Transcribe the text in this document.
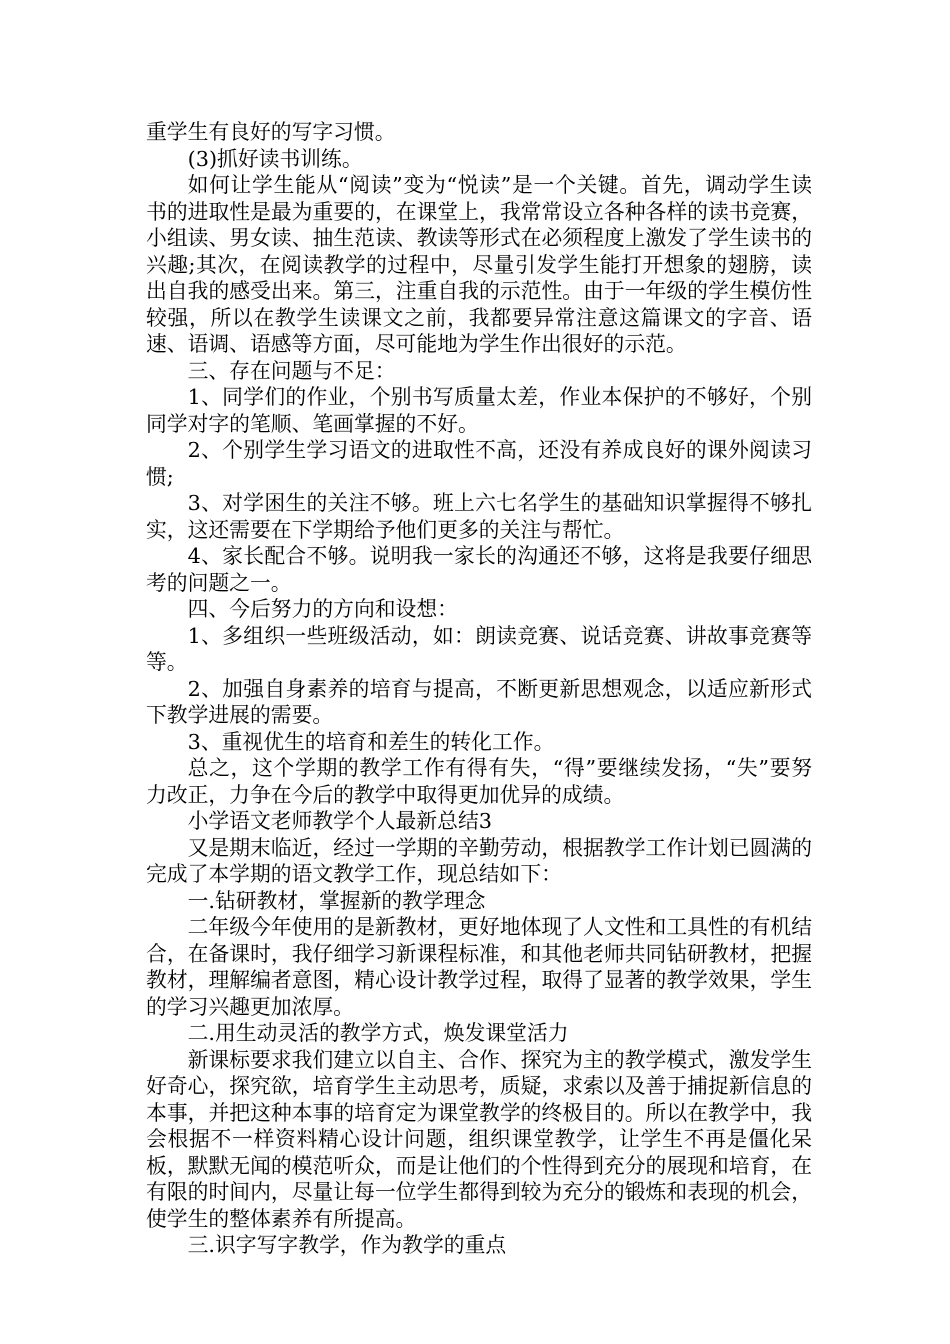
重学生有良好的写字习惯。

(3)抓好读书训练。

如何让学生能从“阅读”变为“悦读”是一个关键。首先，调动学生读书的进取性是最为重要的，在课堂上，我常常设立各种各样的读书竞赛，小组读、男女读、抽生范读、教读等形式在必须程度上激发了学生读书的兴趣;其次，在阅读教学的过程中，尽量引发学生能打开想象的翅膀，读出自我的感受出来。第三，注重自我的示范性。由于一年级的学生模仿性较强，所以在教学生读课文之前，我都要异常注意这篇课文的字音、语速、语调、语感等方面，尽可能地为学生作出很好的示范。

三、存在问题与不足：

1、同学们的作业，个别书写质量太差，作业本保护的不够好，个别同学对字的笔顺、笔画掌握的不好。

2、个别学生学习语文的进取性不高，还没有养成良好的课外阅读习惯;

3、对学困生的关注不够。班上六七名学生的基础知识掌握得不够扎实，这还需要在下学期给予他们更多的关注与帮忙。

4、家长配合不够。说明我一家长的沟通还不够，这将是我要仔细思考的问题之一。

四、今后努力的方向和设想：

1、多组织一些班级活动，如：朗读竞赛、说话竞赛、讲故事竞赛等等。

2、加强自身素养的培育与提高，不断更新思想观念，以适应新形式下教学进展的需要。

3、重视优生的培育和差生的转化工作。

总之，这个学期的教学工作有得有失，“得”要继续发扬，“失”要努力改正，力争在今后的教学中取得更加优异的成绩。

小学语文老师教学个人最新总结3

又是期末临近，经过一学期的辛勤劳动，根据教学工作计划已圆满的完成了本学期的语文教学工作，现总结如下：

一.钻研教材，掌握新的教学理念

二年级今年使用的是新教材，更好地体现了人文性和工具性的有机结合，在备课时，我仔细学习新课程标准，和其他老师共同钻研教材，把握教材，理解编者意图，精心设计教学过程，取得了显著的教学效果，学生的学习兴趣更加浓厚。

二.用生动灵活的教学方式，焕发课堂活力

新课标要求我们建立以自主、合作、探究为主的教学模式，激发学生好奇心，探究欲，培育学生主动思考，质疑，求索以及善于捕捉新信息的本事，并把这种本事的培育定为课堂教学的终极目的。所以在教学中，我会根据不一样资料精心设计问题，组织课堂教学，让学生不再是僵化呆板，默默无闻的模范听众，而是让他们的个性得到充分的展现和培育，在有限的时间内，尽量让每一位学生都得到较为充分的锻炼和表现的机会，使学生的整体素养有所提高。

三.识字写字教学，作为教学的重点
